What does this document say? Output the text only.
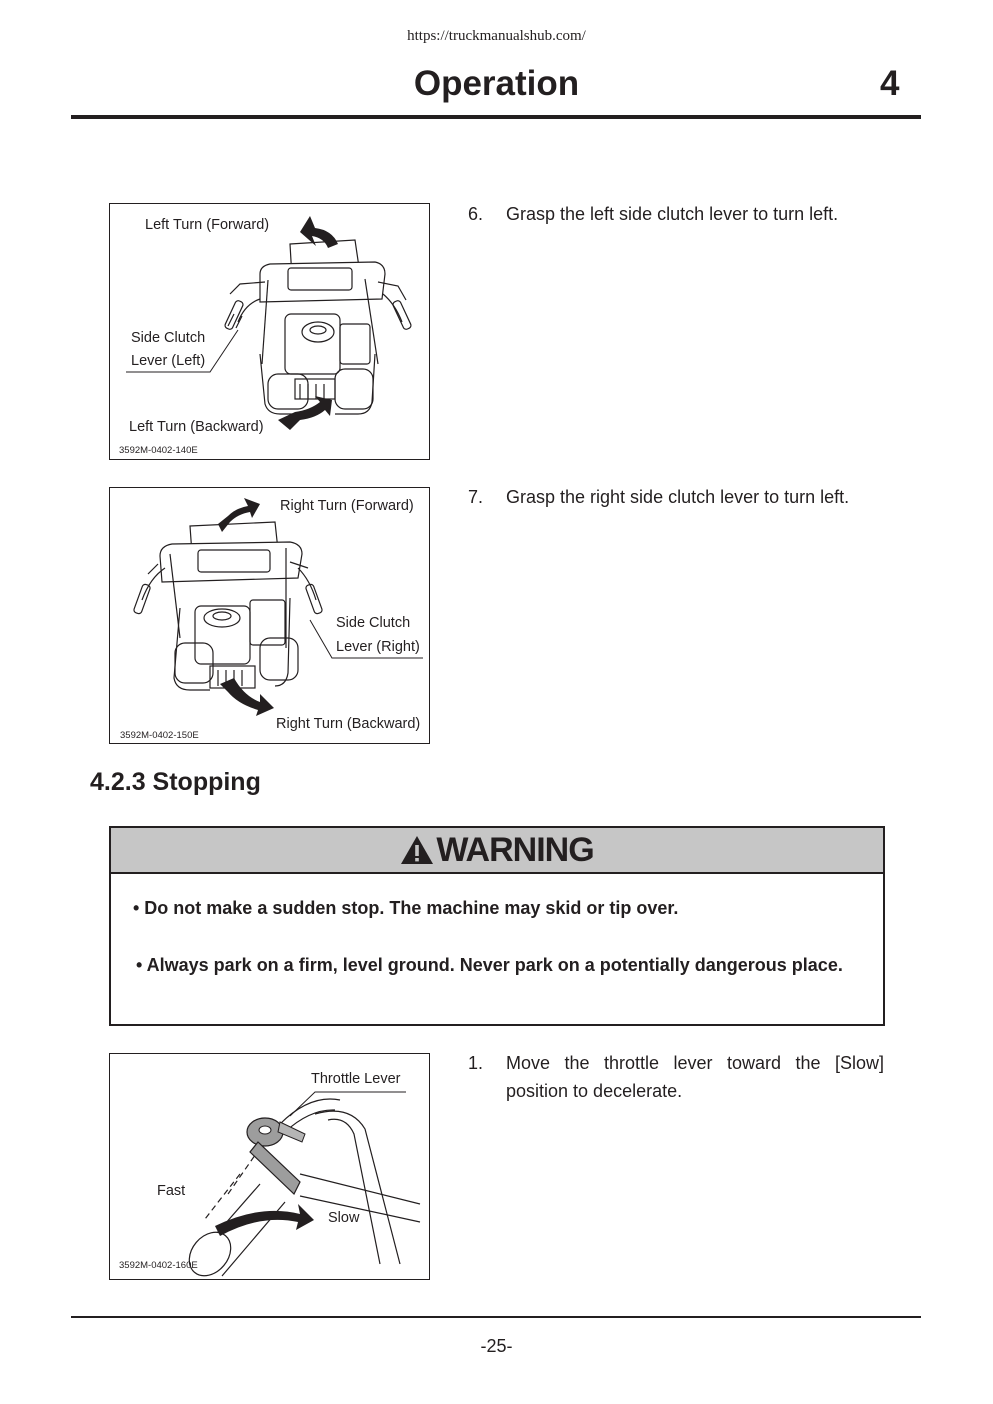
https://truckmanualshub.com/
Operation	4
Left Turn (Forward)
Side Clutch
Lever (Left)
Left Turn (Backward)
3592M-0402-140E
6.	Grasp the left side clutch lever to turn left.
Right Turn (Forward)
Side Clutch
Lever (Right)
Right Turn (Backward)
3592M-0402-150E
7.	Grasp the right side clutch lever to turn left.
4.2.3 Stopping
WARNING
• Do not make a sudden stop. The machine may skid or tip over.
• Always park on a firm, level ground. Never park on a potentially dangerous place.
Throttle Lever
Fast
Slow
3592M-0402-160E
1.	Move the throttle lever toward the [Slow] position to decelerate.
-25-
